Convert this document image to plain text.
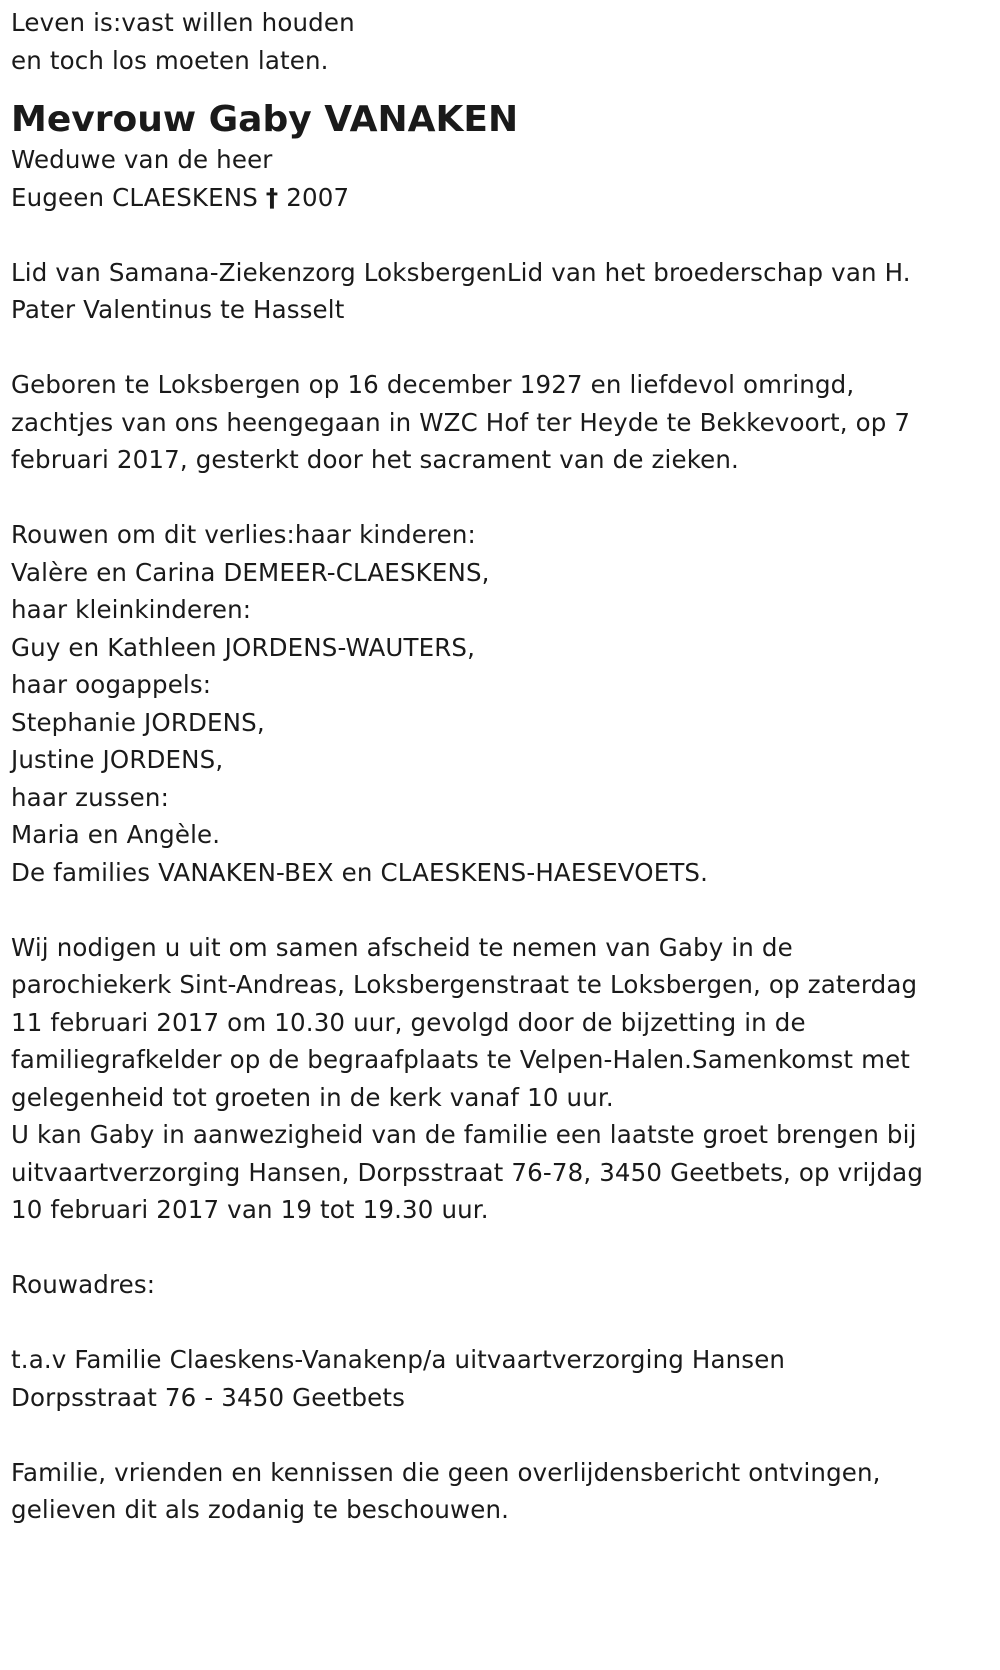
Leven is:vast willen houden
en toch los moeten laten.
Mevrouw Gaby VANAKEN
Weduwe van de heer
Eugeen CLAESKENS † 2007
Lid van Samana-Ziekenzorg LoksbergenLid van het broederschap van H.
Pater Valentinus te Hasselt
Geboren te Loksbergen op 16 december 1927 en liefdevol omringd,
zachtjes van ons heengegaan in WZC Hof ter Heyde te Bekkevoort, op 7
februari 2017, gesterkt door het sacrament van de zieken.
Rouwen om dit verlies:haar kinderen:
Valère en Carina DEMEER-CLAESKENS,
haar kleinkinderen:
Guy en Kathleen JORDENS-WAUTERS,
haar oogappels:
Stephanie JORDENS,
Justine JORDENS,
haar zussen:
Maria en Angèle.
De families VANAKEN-BEX en CLAESKENS-HAESEVOETS.
Wij nodigen u uit om samen afscheid te nemen van Gaby in de
parochiekerk Sint-Andreas, Loksbergenstraat te Loksbergen, op zaterdag
11 februari 2017 om 10.30 uur, gevolgd door de bijzetting in de
familiegrafkelder op de begraafplaats te Velpen-Halen.Samenkomst met
gelegenheid tot groeten in de kerk vanaf 10 uur.
U kan Gaby in aanwezigheid van de familie een laatste groet brengen bij
uitvaartverzorging Hansen, Dorpsstraat 76-78, 3450 Geetbets, op vrijdag
10 februari 2017 van 19 tot 19.30 uur.
Rouwadres:
t.a.v Familie Claeskens-Vanakenp/a uitvaartverzorging Hansen
Dorpsstraat 76 - 3450 Geetbets
Familie, vrienden en kennissen die geen overlijdensbericht ontvingen,
gelieven dit als zodanig te beschouwen.
